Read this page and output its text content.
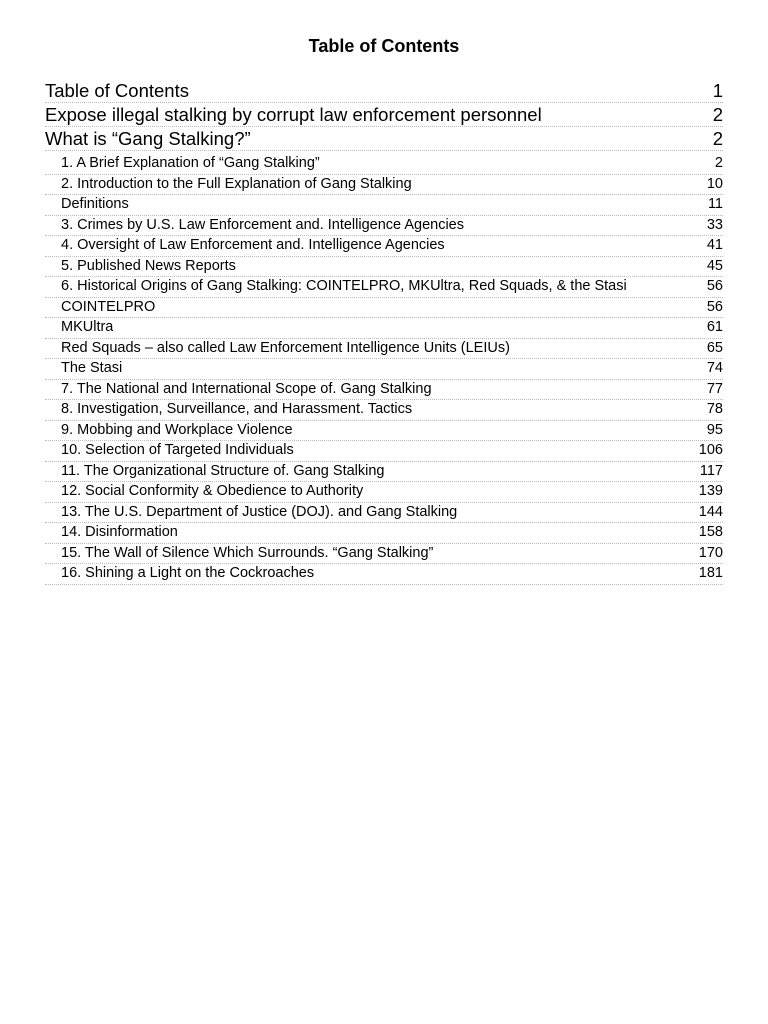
Table of Contents
Table of Contents	1
Expose illegal stalking by corrupt law enforcement personnel	2
What is “Gang Stalking?”	2
1. A Brief Explanation of “Gang Stalking”	2
2. Introduction to the Full Explanation of Gang Stalking	10
Definitions	11
3. Crimes by U.S. Law Enforcement and. Intelligence Agencies	33
4. Oversight of Law Enforcement and. Intelligence Agencies	41
5. Published News Reports	45
6. Historical Origins of Gang Stalking: COINTELPRO, MKUltra, Red Squads, & the Stasi	56
COINTELPRO	56
MKUltra	61
Red Squads – also called Law Enforcement Intelligence Units (LEIUs)	65
The Stasi	74
7. The National and International Scope of. Gang Stalking	77
8. Investigation, Surveillance, and Harassment. Tactics	78
9. Mobbing and Workplace Violence	95
10. Selection of Targeted Individuals	106
11. The Organizational Structure of. Gang Stalking	117
12. Social Conformity & Obedience to Authority	139
13. The U.S. Department of Justice (DOJ). and Gang Stalking	144
14. Disinformation	158
15. The Wall of Silence Which Surrounds. “Gang Stalking”	170
16. Shining a Light on the Cockroaches	181
